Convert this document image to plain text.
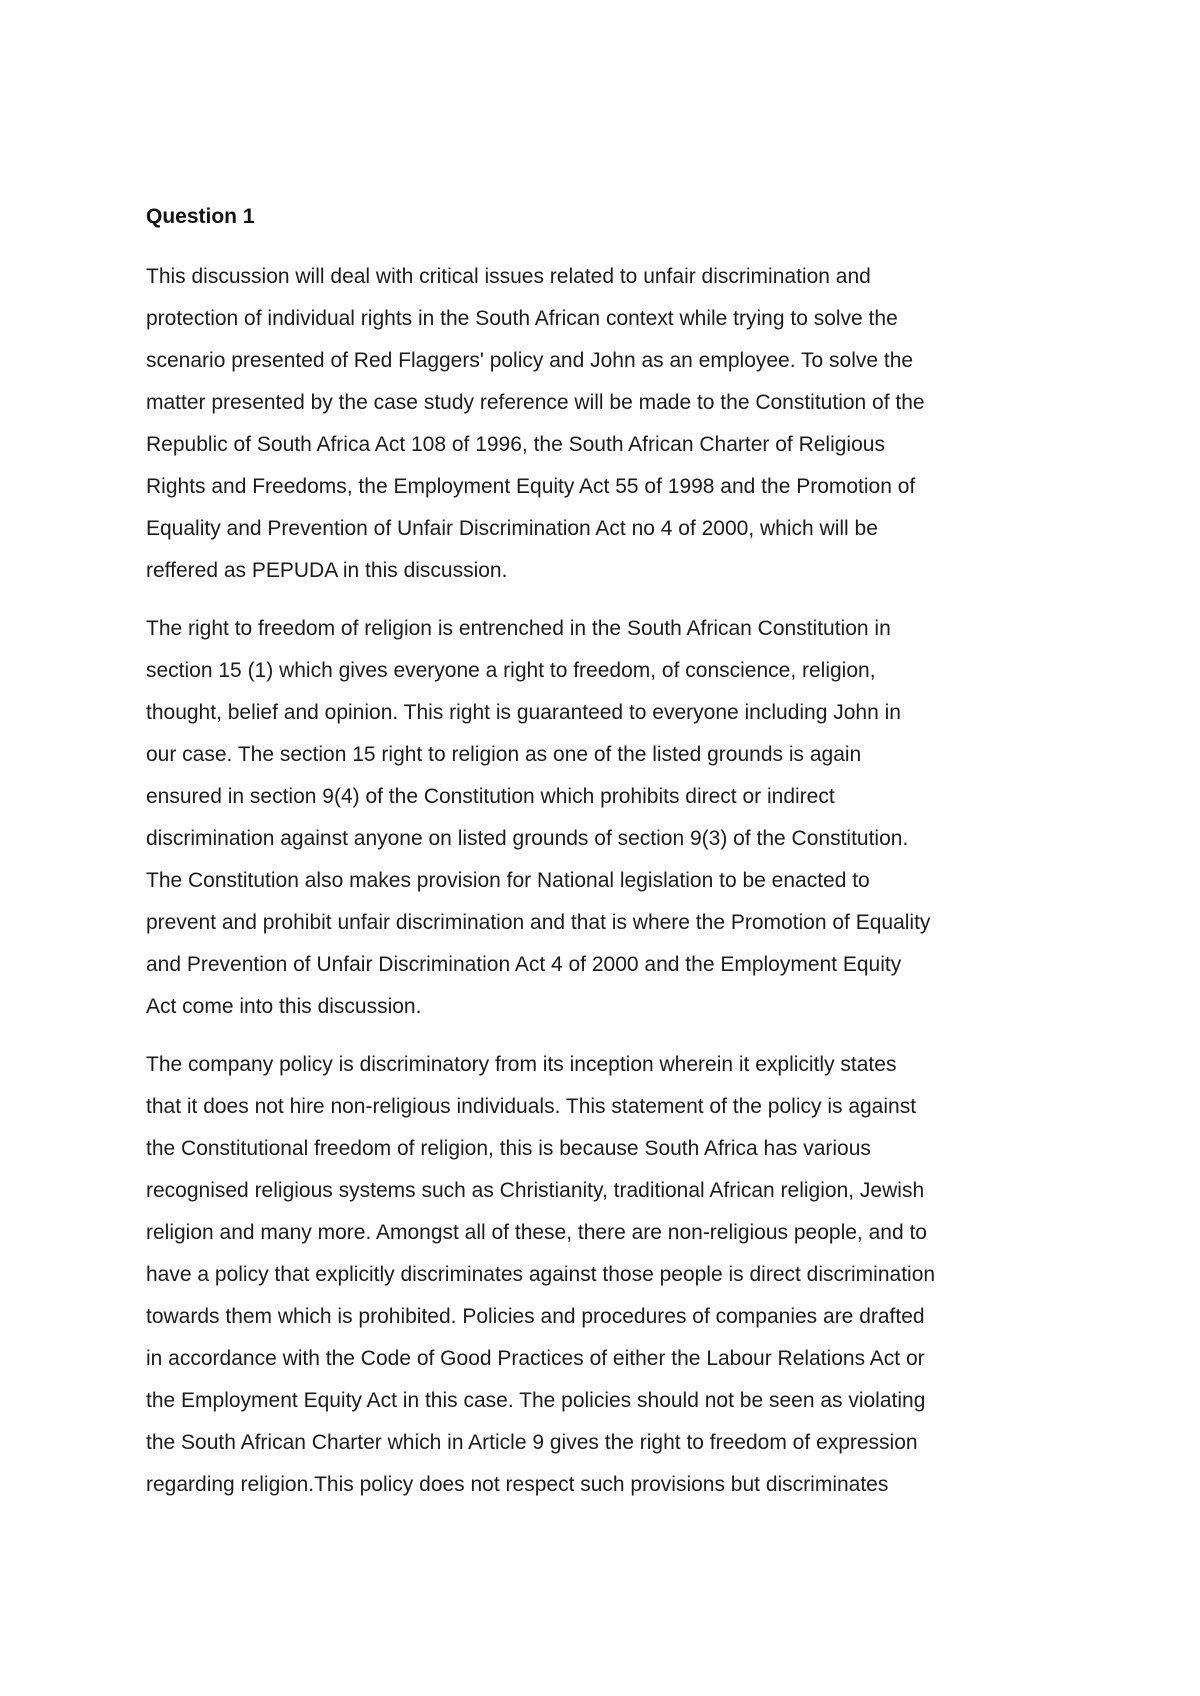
Question 1
This discussion will deal with critical issues related to unfair discrimination and
protection of individual rights in the South African context while trying to solve the
scenario presented of Red Flaggers' policy and John as an employee. To solve the
matter presented by the case study reference will be made to the Constitution of the
Republic of South Africa Act 108 of 1996, the South African Charter of Religious
Rights and Freedoms, the Employment Equity Act 55 of 1998 and the Promotion of
Equality and Prevention of Unfair Discrimination Act no 4 of 2000, which will be
reffered as PEPUDA in this discussion.
The right to freedom of religion is entrenched in the South African Constitution in
section 15 (1) which gives everyone a right to freedom, of conscience, religion,
thought, belief and opinion. This right is guaranteed to everyone including John in
our case. The section 15 right to religion as one of the listed grounds is again
ensured in section 9(4) of the Constitution which prohibits direct or indirect
discrimination against anyone on listed grounds of section 9(3) of the Constitution.
The Constitution also makes provision for National legislation to be enacted to
prevent and prohibit unfair discrimination and that is where the Promotion of Equality
and Prevention of Unfair Discrimination Act 4 of 2000 and the Employment Equity
Act come into this discussion.
The company policy is discriminatory from its inception wherein it explicitly states
that it does not hire non-religious individuals. This statement of the policy is against
the Constitutional freedom of religion, this is because South Africa has various
recognised religious systems such as Christianity, traditional African religion, Jewish
religion and many more. Amongst all of these, there are non-religious people, and to
have a policy that explicitly discriminates against those people is direct discrimination
towards them which is prohibited. Policies and procedures of companies are drafted
in accordance with the Code of Good Practices of either the Labour Relations Act or
the Employment Equity Act in this case. The policies should not be seen as violating
the South African Charter which in Article 9 gives the right to freedom of expression
regarding religion.This policy does not respect such provisions but discriminates
